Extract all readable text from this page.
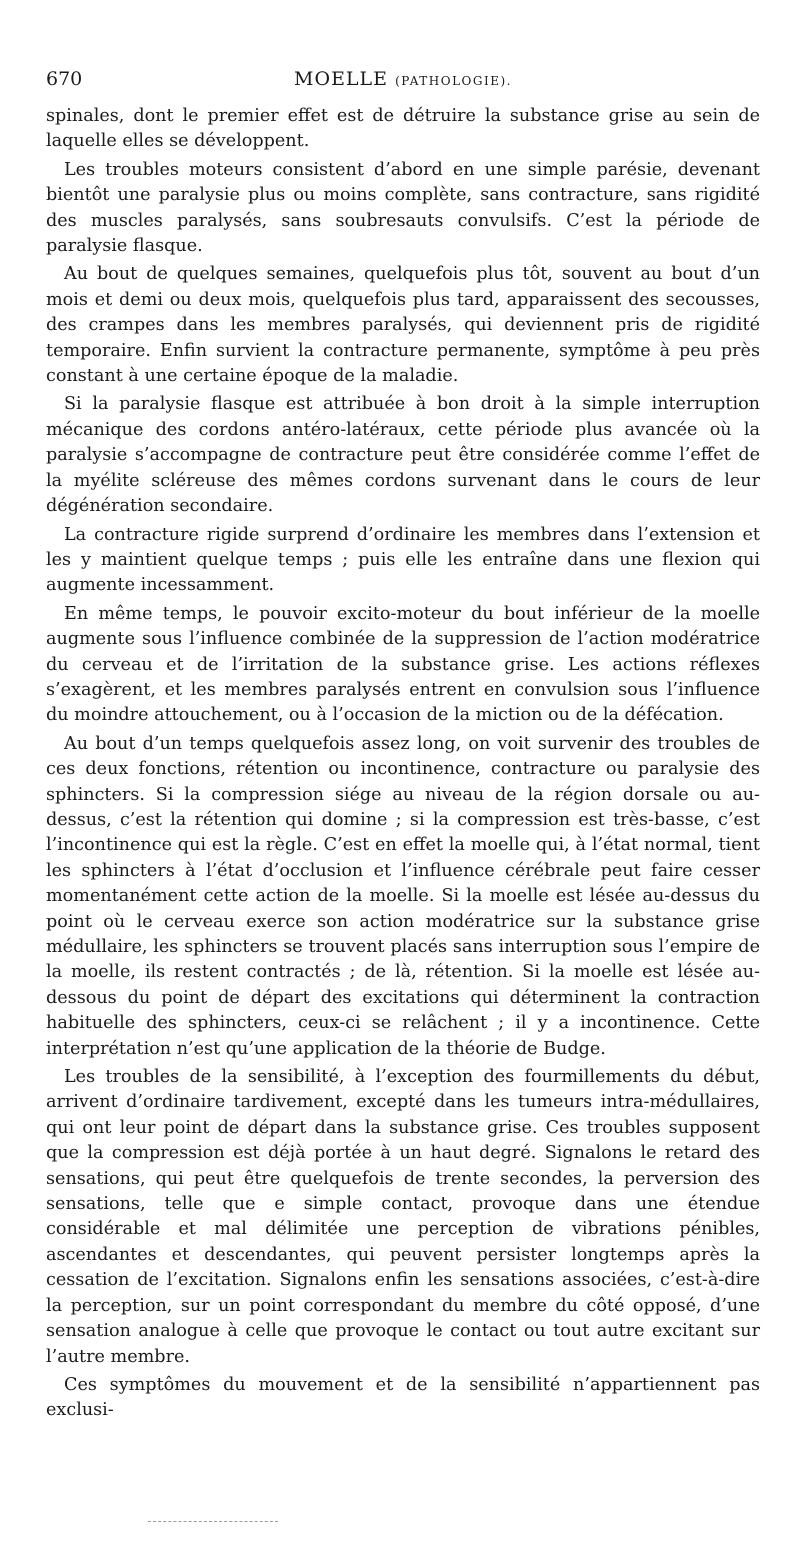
670	MOELLE (PATHOLOGIE).

spinales, dont le premier effet est de détruire la substance grise au sein de laquelle elles se développent.

Les troubles moteurs consistent d’abord en une simple parésie, devenant bientôt une paralysie plus ou moins complète, sans contracture, sans rigidité des muscles paralysés, sans soubresauts convulsifs. C’est la période de paralysie flasque.

Au bout de quelques semaines, quelquefois plus tôt, souvent au bout d’un mois et demi ou deux mois, quelquefois plus tard, apparaissent des secousses, des crampes dans les membres paralysés, qui deviennent pris de rigidité temporaire. Enfin survient la contracture permanente, symptôme à peu près constant à une certaine époque de la maladie.

Si la paralysie flasque est attribuée à bon droit à la simple interruption mécanique des cordons antéro-latéraux, cette période plus avancée où la paralysie s’accompagne de contracture peut être considérée comme l’effet de la myélite scléreuse des mêmes cordons survenant dans le cours de leur dégénération secondaire.

La contracture rigide surprend d’ordinaire les membres dans l’extension et les y maintient quelque temps ; puis elle les entraîne dans une flexion qui augmente incessamment.

En même temps, le pouvoir excito-moteur du bout inférieur de la moelle augmente sous l’influence combinée de la suppression de l’action modératrice du cerveau et de l’irritation de la substance grise. Les actions réflexes s’exagèrent, et les membres paralysés entrent en convulsion sous l’influence du moindre attouchement, ou à l’occasion de la miction ou de la défécation.

Au bout d’un temps quelquefois assez long, on voit survenir des troubles de ces deux fonctions, rétention ou incontinence, contracture ou paralysie des sphincters. Si la compression siége au niveau de la région dorsale ou au-dessus, c’est la rétention qui domine ; si la compression est très-basse, c’est l’incontinence qui est la règle. C’est en effet la moelle qui, à l’état normal, tient les sphincters à l’état d’occlusion et l’influence cérébrale peut faire cesser momentanément cette action de la moelle. Si la moelle est lésée au-dessus du point où le cerveau exerce son action modératrice sur la substance grise médullaire, les sphincters se trouvent placés sans interruption sous l’empire de la moelle, ils restent contractés ; de là, rétention. Si la moelle est lésée au-dessous du point de départ des excitations qui déterminent la contraction habituelle des sphincters, ceux-ci se relâchent ; il y a incontinence. Cette interprétation n’est qu’une application de la théorie de Budge.

Les troubles de la sensibilité, à l’exception des fourmillements du début, arrivent d’ordinaire tardivement, excepté dans les tumeurs intra-médullaires, qui ont leur point de départ dans la substance grise. Ces troubles supposent que la compression est déjà portée à un haut degré. Signalons le retard des sensations, qui peut être quelquefois de trente secondes, la perversion des sensations, telle que e simple contact, provoque dans une étendue considérable et mal délimitée une perception de vibrations pénibles, ascendantes et descendantes, qui peuvent persister longtemps après la cessation de l’excitation. Signalons enfin les sensations associées, c’est-à-dire la perception, sur un point correspondant du membre du côté opposé, d’une sensation analogue à celle que provoque le contact ou tout autre excitant sur l’autre membre.

Ces symptômes du mouvement et de la sensibilité n’appartiennent pas exclusi-
